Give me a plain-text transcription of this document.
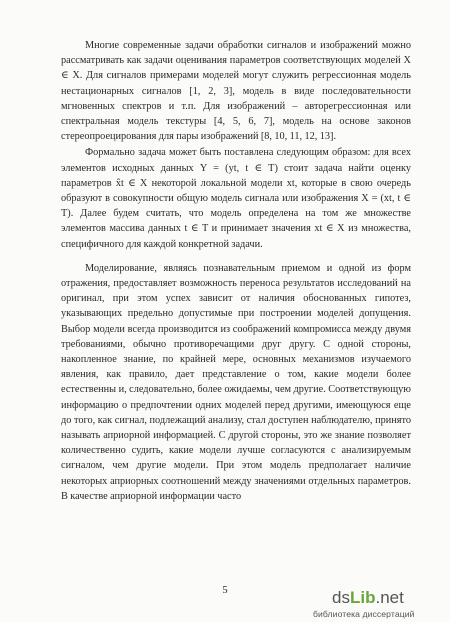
Многие современные задачи обработки сигналов и изображений можно рассматривать как задачи оценивания параметров соответствующих моделей X ∈ X. Для сигналов примерами моделей могут служить регрессионная модель нестационарных сигналов [1, 2, 3], модель в виде последовательности мгновенных спектров и т.п. Для изображений – авторегрессионная или спектральная модель текстуры [4, 5, 6, 7], модель на основе законов стереопроецирования для пары изображений [8, 10, 11, 12, 13].

Формально задача может быть поставлена следующим образом: для всех элементов исходных данных Y = (yt, t ∈ T) стоит задача найти оценку параметров x̂t ∈ X некоторой локальной модели xt, которые в свою очередь образуют в совокупности общую модель сигнала или изображения X = (xt, t ∈ T). Далее будем считать, что модель определена на том же множестве элементов массива данных t ∈ T и принимает значения xt ∈ X из множества, специфичного для каждой конкретной задачи.

Моделирование, являясь познавательным приемом и одной из форм отражения, предоставляет возможность переноса результатов исследований на оригинал, при этом успех зависит от наличия обоснованных гипотез, указывающих предельно допустимые при построении моделей допущения. Выбор модели всегда производится из соображений компромисса между двумя требованиями, обычно противоречащими друг другу. С одной стороны, накопленное знание, по крайней мере, основных механизмов изучаемого явления, как правило, дает представление о том, какие модели более естественны и, следовательно, более ожидаемы, чем другие. Соответствующую информацию о предпочтении одних моделей перед другими, имеющуюся еще до того, как сигнал, подлежащий анализу, стал доступен наблюдателю, принято называть априорной информацией. С другой стороны, это же знание позволяет количественно судить, какие модели лучше согласуются с анализируемым сигналом, чем другие модели. При этом модель предполагает наличие некоторых априорных соотношений между значениями отдельных параметров. В качестве априорной информации часто

5	dsLib.net
библиотека диссертаций
